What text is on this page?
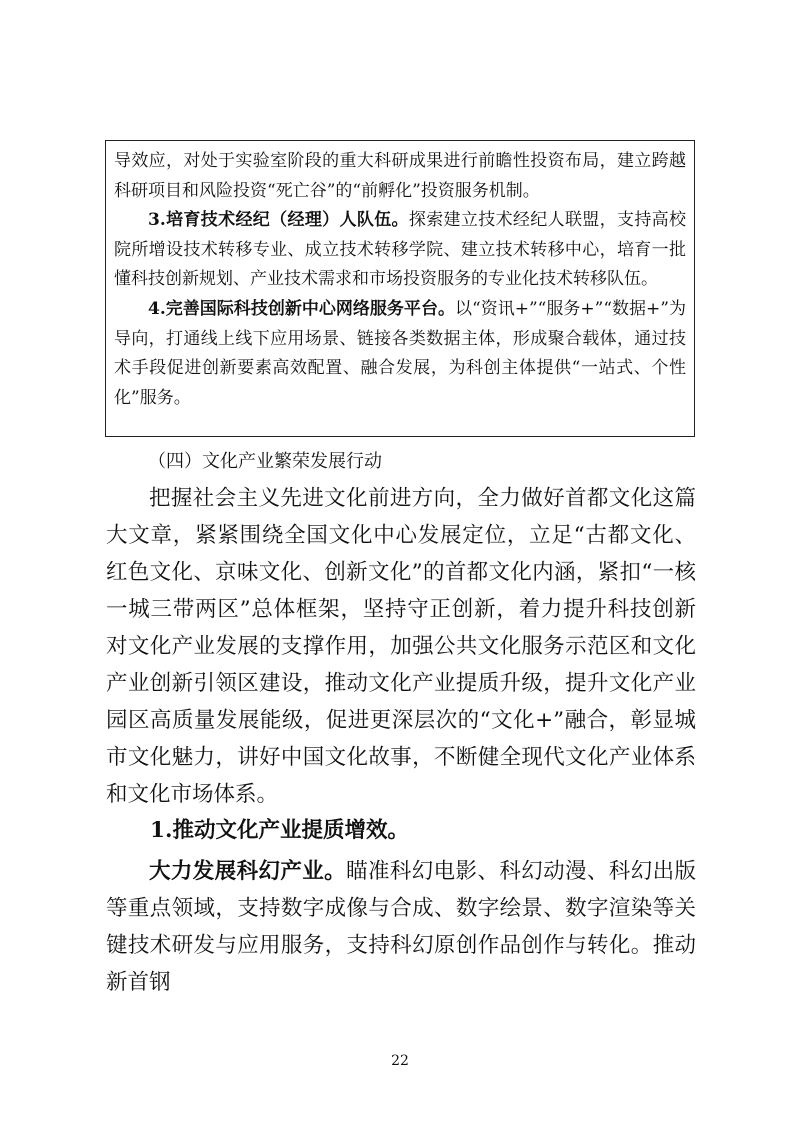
导效应，对处于实验室阶段的重大科研成果进行前瞻性投资布局，建立跨越科研项目和风险投资“死亡谷”的“前孵化”投资服务机制。

3.培育技术经纪（经理）人队伍。探索建立技术经纪人联盟，支持高校院所增设技术转移专业、成立技术转移学院、建立技术转移中心，培育一批懂科技创新规划、产业技术需求和市场投资服务的专业化技术转移队伍。

4.完善国际科技创新中心网络服务平台。以“资讯+”“服务+”“数据+”为导向，打通线上线下应用场景、链接各类数据主体，形成聚合载体，通过技术手段促进创新要素高效配置、融合发展，为科创主体提供“一站式、个性化”服务。

（四）文化产业繁荣发展行动

把握社会主义先进文化前进方向，全力做好首都文化这篇大文章，紧紧围绕全国文化中心发展定位，立足“古都文化、红色文化、京味文化、创新文化”的首都文化内涵，紧扣“一核一城三带两区”总体框架，坚持守正创新，着力提升科技创新对文化产业发展的支撑作用，加强公共文化服务示范区和文化产业创新引领区建设，推动文化产业提质升级，提升文化产业园区高质量发展能级，促进更深层次的“文化+”融合，彰显城市文化魅力，讲好中国文化故事，不断健全现代文化产业体系和文化市场体系。

1.推动文化产业提质增效。

大力发展科幻产业。瞄准科幻电影、科幻动漫、科幻出版等重点领域，支持数字成像与合成、数字绘景、数字渲染等关键技术研发与应用服务，支持科幻原创作品创作与转化。推动新首钢

22
